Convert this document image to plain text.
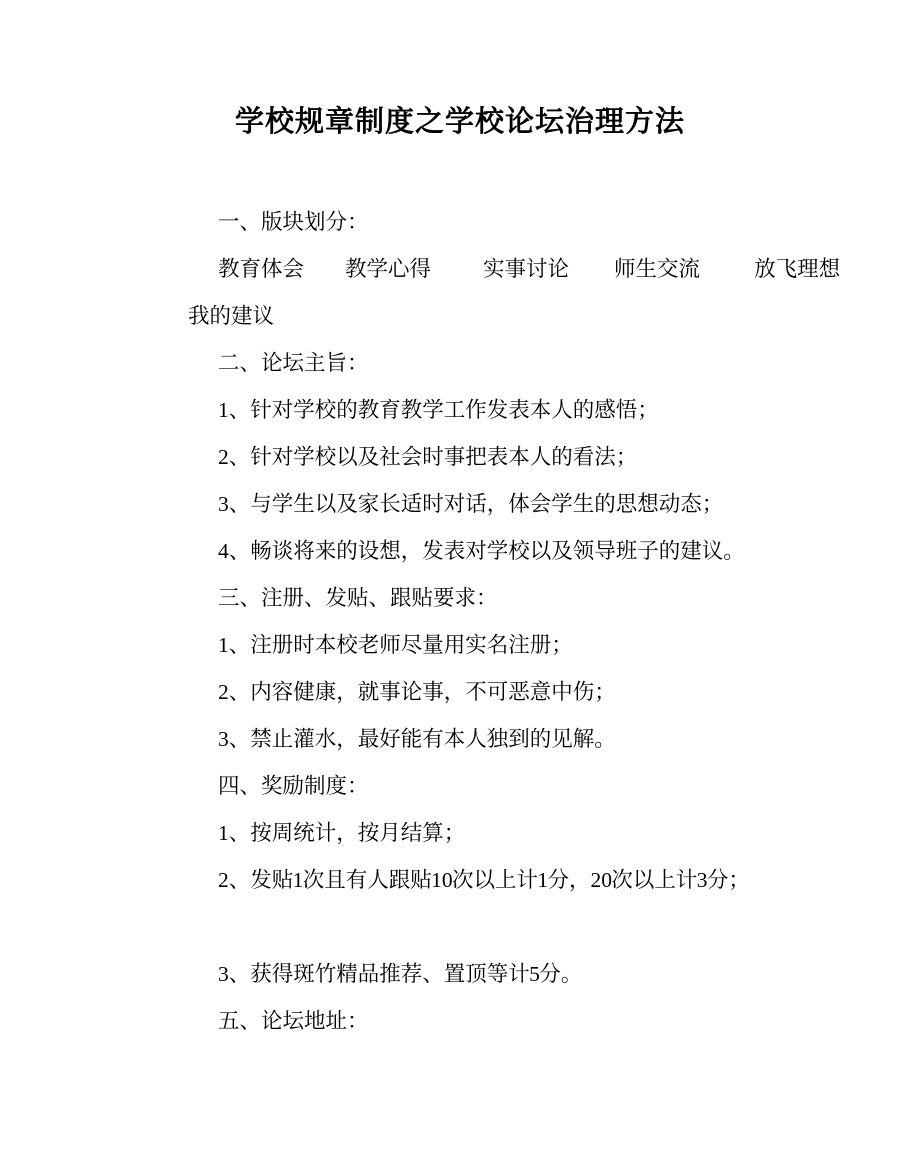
学校规章制度之学校论坛治理方法

一、版块划分：

教育体会 教学心得 实事讨论 师生交流	放飞理想

我的建议

二、论坛主旨：

1、针对学校的教育教学工作发表本人的感悟；

2、针对学校以及社会时事把表本人的看法；

3、与学生以及家长适时对话，体会学生的思想动态；

4、畅谈将来的设想，发表对学校以及领导班子的建议。

三、注册、发贴、跟贴要求：

1、注册时本校老师尽量用实名注册；

2、内容健康，就事论事，不可恶意中伤；

3、禁止灌水，最好能有本人独到的见解。

四、奖励制度：

1、按周统计，按月结算；

2、发贴 1 次且有人跟贴 10 次以上计 1 分，20 次以上计 3 分；

3、获得斑竹精品推荐、置顶等计 5 分。

五、论坛地址：
